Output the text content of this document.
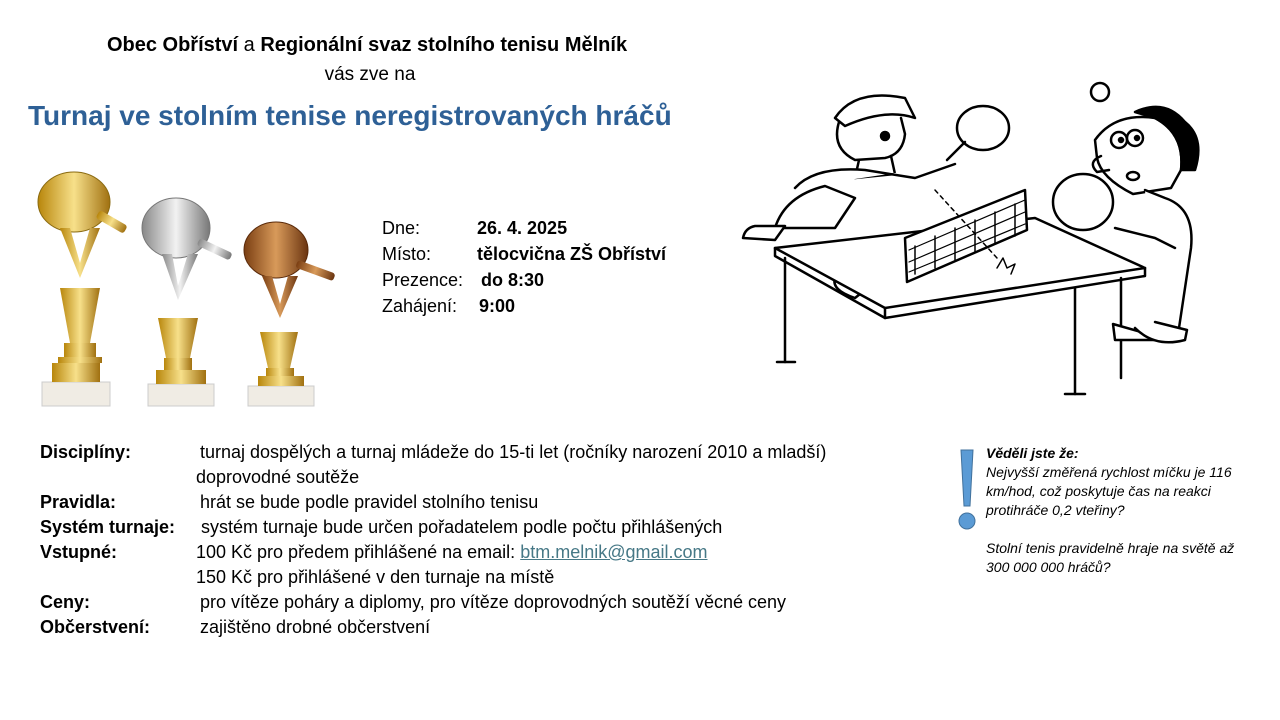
Obec Obříství a Regionální svaz stolního tenisu Mělník
vás zve na
Turnaj ve stolním tenise neregistrovaných hráčů
Dne:	26. 4. 2025
Místo:	tělocvična ZŠ Obříství
Prezence: do 8:30
Zahájení: 9:00
Disciplíny:	turnaj dospělých a turnaj mládeže do 15-ti let (ročníky narození 2010 a mladší)
doprovodné soutěže
Pravidla:	hrát se bude podle pravidel stolního tenisu
Systém turnaje: systém turnaje bude určen pořadatelem podle počtu přihlášených
Vstupné:	100 Kč pro předem přihlášené na email: btm.melnik@gmail.com
150 Kč pro přihlášené v den turnaje na místě
Ceny:	pro vítěze poháry a diplomy, pro vítěze doprovodných soutěží věcné ceny
Občerstvení:	zajištěno drobné občerstvení

Věděli jste že:

Nejvyšší změřená rychlost míčku je 116 km/hod, což poskytuje čas na reakci protihráče 0,2 vteřiny?

Stolní tenis pravidelně hraje na světě až 300 000 000 hráčů?
